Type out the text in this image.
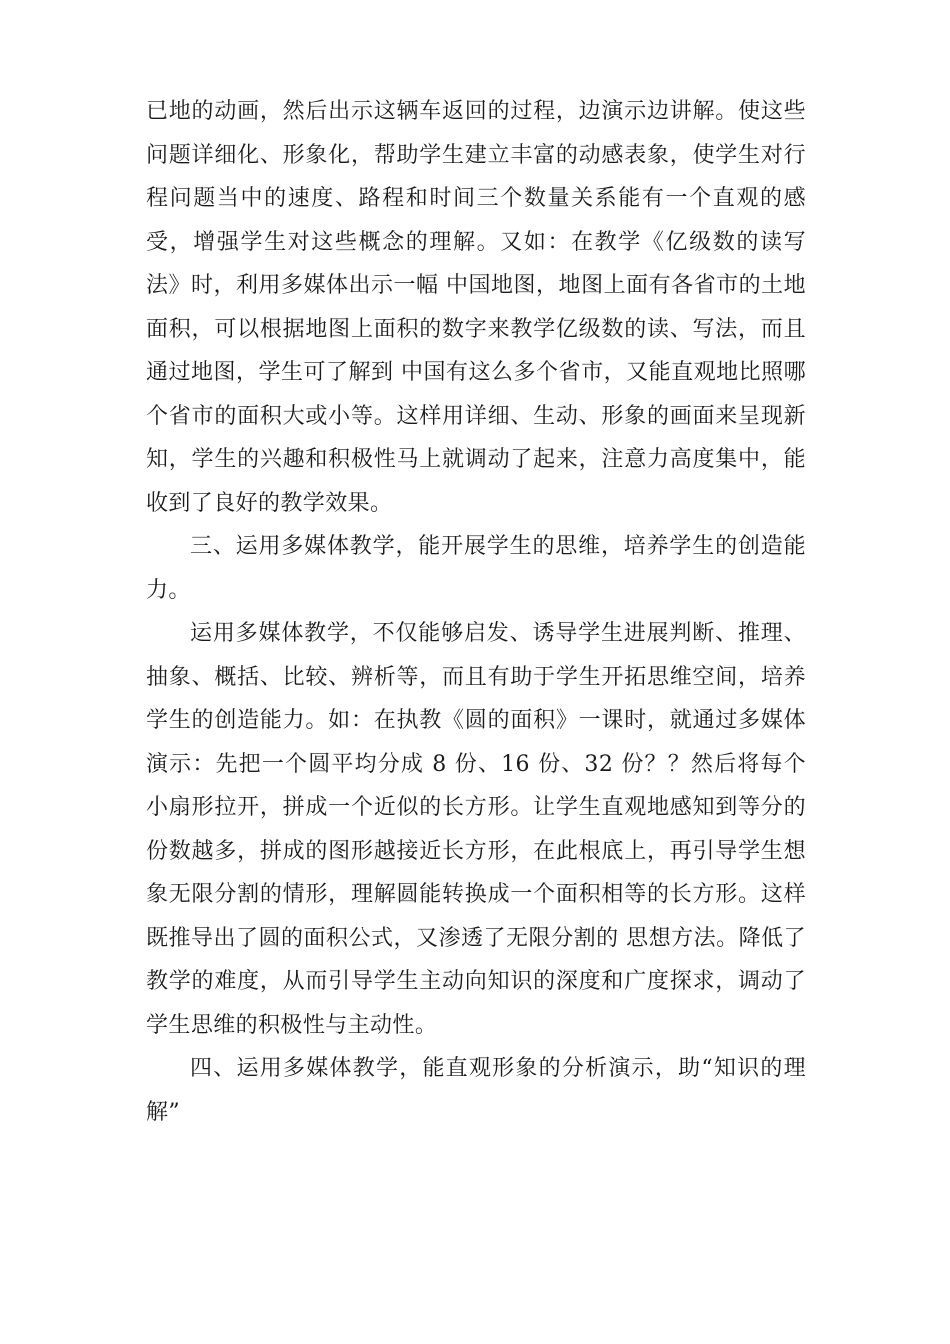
已地的动画，然后出示这辆车返回的过程，边演示边讲解。使这些问题详细化、形象化，帮助学生建立丰富的动感表象，使学生对行程问题当中的速度、路程和时间三个数量关系能有一个直观的感受，增强学生对这些概念的理解。又如：在教学《亿级数的读写法》时，利用多媒体出示一幅 中国地图，地图上面有各省市的土地面积，可以根据地图上面积的数字来教学亿级数的读、写法，而且通过地图，学生可了解到 中国有这么多个省市，又能直观地比照哪个省市的面积大或小等。这样用详细、生动、形象的画面来呈现新知，学生的兴趣和积极性马上就调动了起来，注意力高度集中，能收到了良好的教学效果。

三、运用多媒体教学，能开展学生的思维，培养学生的创造能力。

运用多媒体教学，不仅能够启发、诱导学生进展判断、推理、抽象、概括、比较、辨析等，而且有助于学生开拓思维空间，培养学生的创造能力。如：在执教《圆的面积》一课时，就通过多媒体演示：先把一个圆平均分成 8 份、16 份、32 份？？然后将每个小扇形拉开，拼成一个近似的长方形。让学生直观地感知到等分的份数越多，拼成的图形越接近长方形，在此根底上，再引导学生想象无限分割的情形，理解圆能转换成一个面积相等的长方形。这样既推导出了圆的面积公式，又渗透了无限分割的 思想方法。降低了教学的难度，从而引导学生主动向知识的深度和广度探求，调动了学生思维的积极性与主动性。

四、运用多媒体教学，能直观形象的分析演示，助“知识的理解”
